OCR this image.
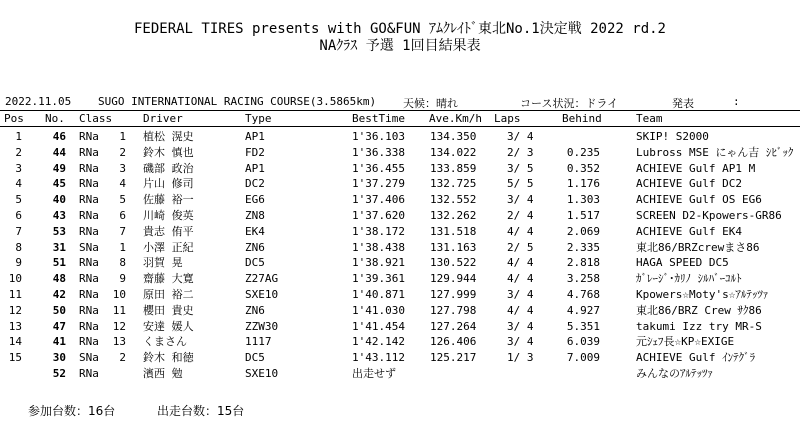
FEDERAL TIRES presents with GO&FUN ｱﾑｸﾚｲﾄﾞ東北No.1決定戦 2022 rd.2
NAｸﾗｽ 予選 1回目結果表
2022.11.05 SUGO INTERNATIONAL RACING COURSE(3.5865km) 天候：晴れ	コース状況：ドライ	発表	:
Pos No. Class	Driver	Type	BestTime Ave.Km/h Laps	Behind	Team
1	46 RNa	1 植松 滉史	AP1	1'36.103 134.350	3/ 4	SKIP! S2000
2	44 RNa	2 鈴木 慎也	FD2	1'36.338 134.022	2/ 3	0.235	Lubross MSE にゃん吉 ｼﾋﾞｯｸ
3	49 RNa	3 磯部 政治	AP1	1'36.455 133.859	3/ 5	0.352	ACHIEVE Gulf AP1 M
4	45 RNa	4 片山 修司	DC2	1'37.279 132.725	5/ 5	1.176	ACHIEVE Gulf DC2
5	40 RNa	5 佐藤 裕一	EG6	1'37.406 132.552	3/ 4	1.303	ACHIEVE Gulf OS EG6
6	43 RNa	6 川崎 俊英	ZN8	1'37.620 132.262	2/ 4	1.517	SCREEN D2-Kpowers-GR86
7	53 RNa	7 貴志 侑平	EK4	1'38.172 131.518	4/ 4	2.069	ACHIEVE Gulf EK4
8	31 SNa	1 小澤 正紀	ZN6	1'38.438 131.163	2/ 5	2.335	東北86/BRZcrewまさ86
9	51 RNa	8 羽賀 晃	DC5	1'38.921 130.522	4/ 4	2.818	HAGA SPEED DC5
10	48 RNa	9 齋藤 大寛	Z27AG	1'39.361 129.944	4/ 4	3.258	ｶﾞﾚｰｼﾞ･ｶﾘﾉ ｼﾙﾊﾞｰｺﾙﾄ
11	42 RNa 10 原田 裕二	SXE10	1'40.871 127.999	3/ 4	4.768	Kpowers☆Moty's☆ｱﾙﾃｯﾂｧ
12	50 RNa 11 櫻田 貴史	ZN6	1'41.030 127.798	4/ 4	4.927	東北86/BRZ Crew ｻｸ86
13	47 RNa 12 安達 媛人	ZZW30	1'41.454 127.264	3/ 4	5.351	takumi Izz try MR-S
14	41 RNa 13 くまさん	1117	1'42.142 126.406	3/ 4	6.039	元ｼｪﾌ長☆KP☆EXIGE
15	30 SNa	2 鈴木 和徳	DC5	1'43.112 125.217	1/ 3	7.009	ACHIEVE Gulf ｲﾝﾃｸﾞﾗ
52 RNa	濱西 勉	SXE10	出走せず	みんなのｱﾙﾃｯﾂｧ
参加台数：16台	出走台数：15台
